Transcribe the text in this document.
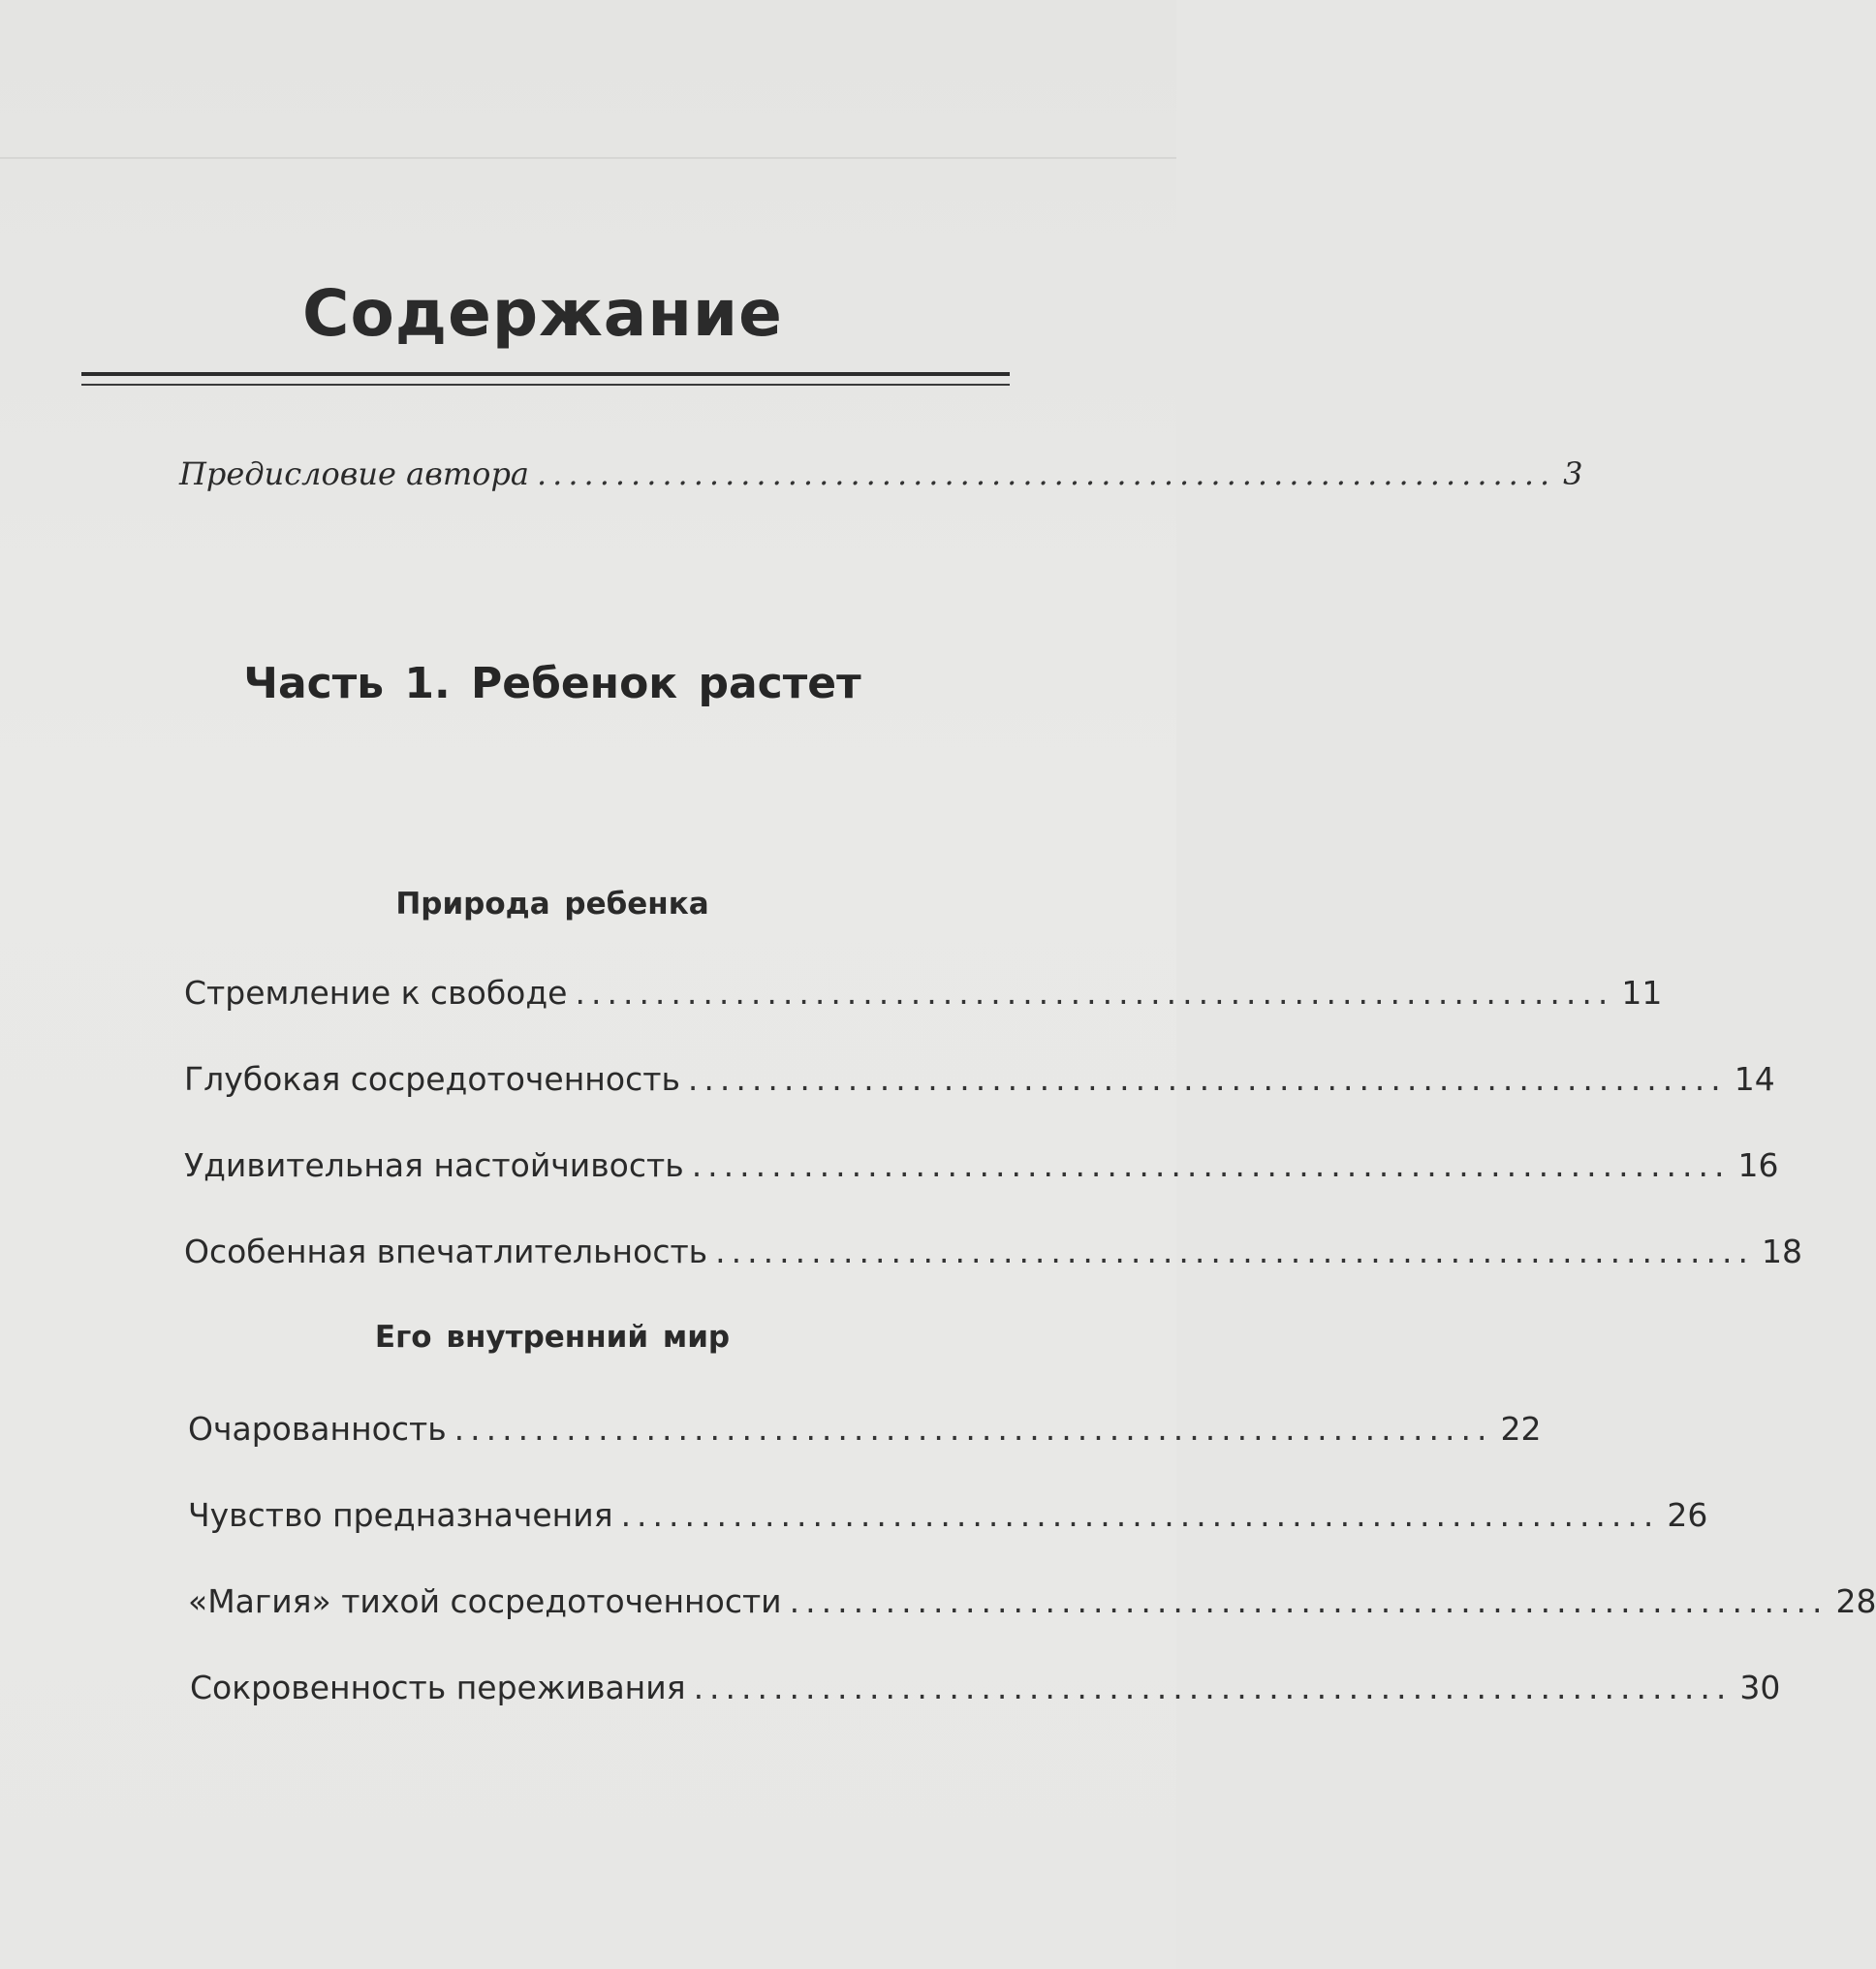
Содержание
Предисловие автора ................................................................. 3
Часть 1. Ребенок растет
Природа ребенка
Стремление к свободе ................................................................. 11
Глубокая сосредоточенность ................................................................. 14
Удивительная настойчивость ................................................................. 16
Особенная впечатлительность ................................................................. 18
Его внутренний мир
Очарованность ................................................................. 22
Чувство предназначения ................................................................. 26
«Магия» тихой сосредоточенности ................................................................. 28
Сокровенность переживания ................................................................. 30
